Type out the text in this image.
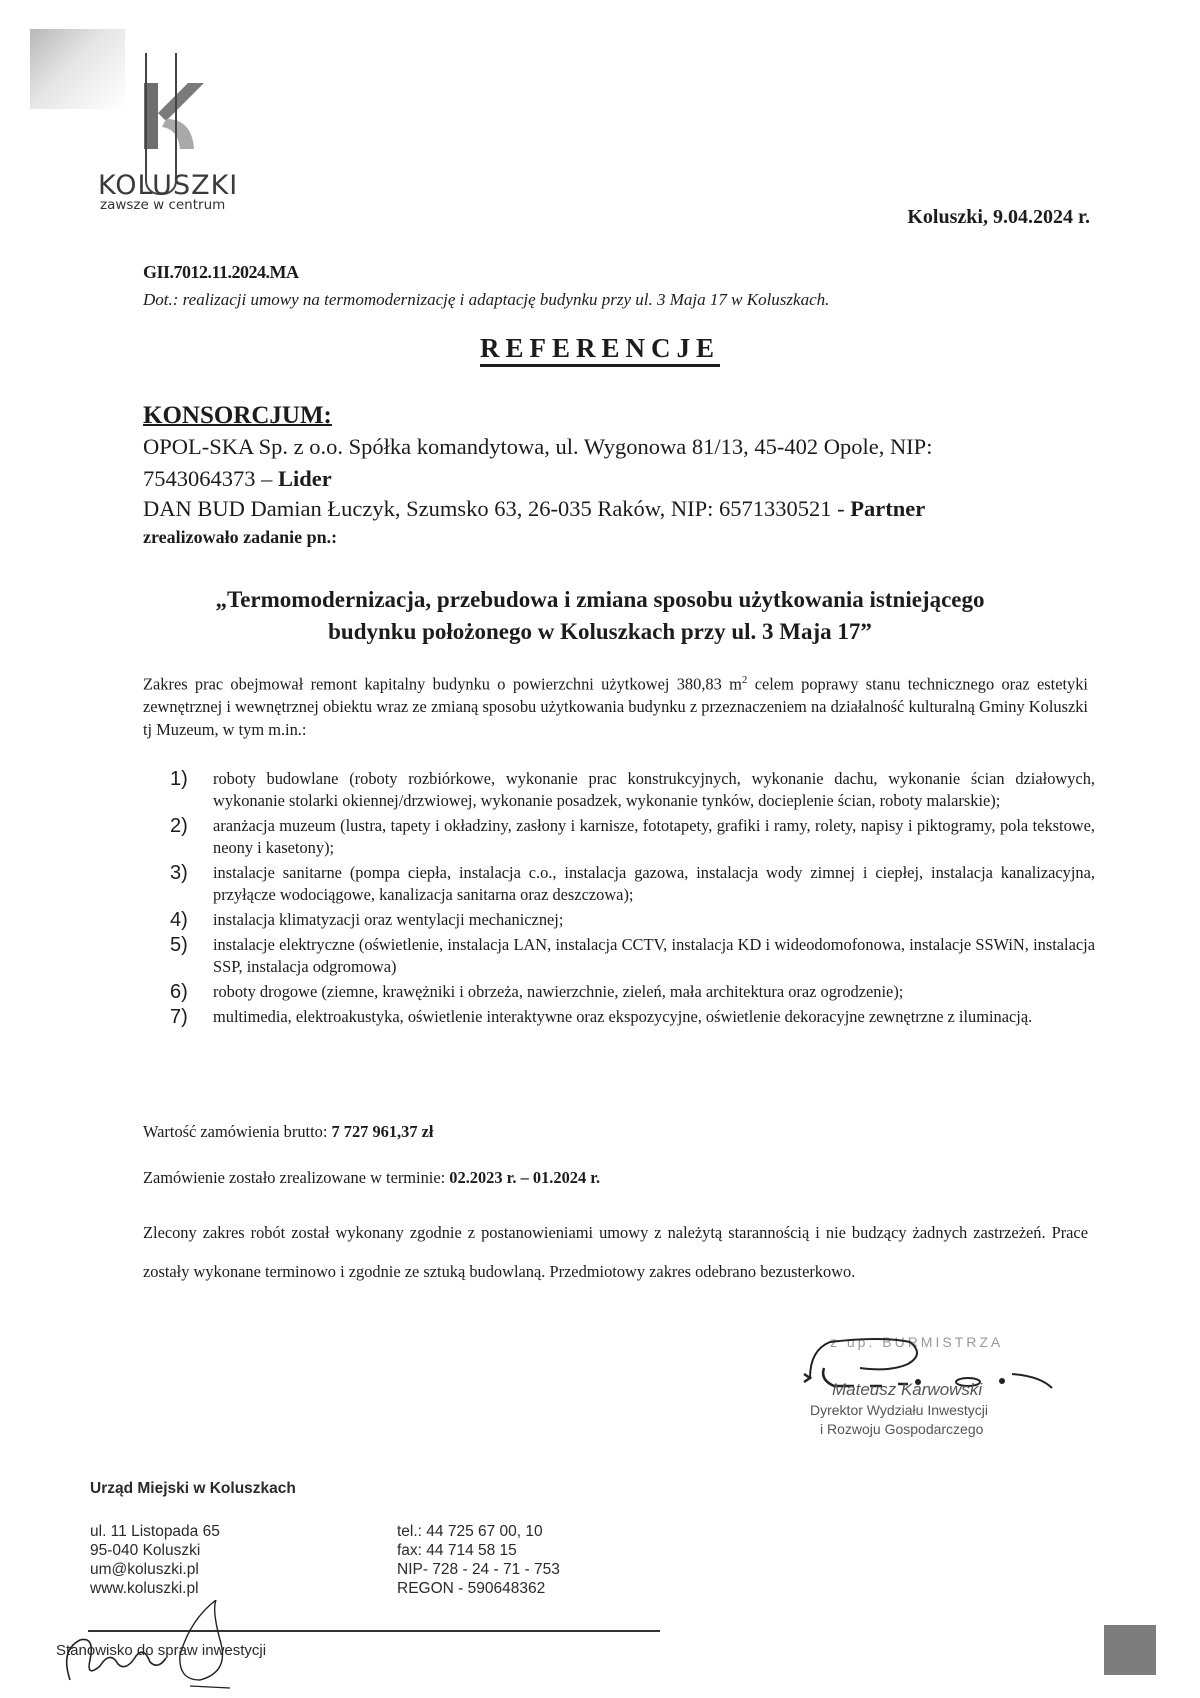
KOLUSZKI
zawsze w centrum
Koluszki, 9.04.2024 r.
GII.7012.11.2024.MA
Dot.: realizacji umowy na termomodernizację i adaptację budynku przy ul. 3 Maja 17 w Koluszkach.
REFERENCJE
KONSORCJUM:
OPOL-SKA Sp. z o.o. Spółka komandytowa, ul. Wygonowa 81/13, 45-402 Opole, NIP:
7543064373 – Lider
DAN BUD Damian Łuczyk, Szumsko 63, 26-035 Raków, NIP: 6571330521 - Partner
zrealizowało zadanie pn.:
„Termomodernizacja, przebudowa i zmiana sposobu użytkowania istniejącego
budynku położonego w Koluszkach przy ul. 3 Maja 17”
Zakres prac obejmował remont kapitalny budynku o powierzchni użytkowej 380,83 $m^2$ celem poprawy stanu technicznego oraz estetyki zewnętrznej i wewnętrznej obiektu wraz ze zmianą sposobu użytkowania budynku z przeznaczeniem na działalność kulturalną Gminy Koluszki tj Muzeum, w tym m.in.:
1)	roboty budowlane (roboty rozbiórkowe, wykonanie prac konstrukcyjnych, wykonanie dachu, wykonanie ścian działowych, wykonanie stolarki okiennej/drzwiowej, wykonanie posadzek, wykonanie tynków, docieplenie ścian, roboty malarskie);
2)	aranżacja muzeum (lustra, tapety i okładziny, zasłony i karnisze, fototapety, grafiki i ramy, rolety, napisy i piktogramy, pola tekstowe, neony i kasetony);
3)	instalacje sanitarne (pompa ciepła, instalacja c.o., instalacja gazowa, instalacja wody zimnej i ciepłej, instalacja kanalizacyjna, przyłącze wodociągowe, kanalizacja sanitarna oraz deszczowa);
4)	instalacja klimatyzacji oraz wentylacji mechanicznej;
5)	instalacje elektryczne (oświetlenie, instalacja LAN, instalacja CCTV, instalacja KD i wideodomofonowa, instalacje SSWiN, instalacja SSP, instalacja odgromowa)
6)	roboty drogowe (ziemne, krawężniki i obrzeża, nawierzchnie, zieleń, mała architektura oraz ogrodzenie);
7)	multimedia, elektroakustyka, oświetlenie interaktywne oraz ekspozycyjne, oświetlenie dekoracyjne zewnętrzne z iluminacją.
Wartość zamówienia brutto: 7 727 961,37 zł
Zamówienie zostało zrealizowane w terminie: 02.2023 r. – 01.2024 r.
Zlecony zakres robót został wykonany zgodnie z postanowieniami umowy z należytą starannością i nie budzący żadnych zastrzeżeń. Prace zostały wykonane terminowo i zgodnie ze sztuką budowlaną. Przedmiotowy zakres odebrano bezusterkowo.
z up. BURMISTRZA
Mateusz Karwowski
Dyrektor Wydziału Inwestycji
i Rozwoju Gospodarczego
Urząd Miejski w Koluszkach
ul. 11 Listopada 65
95-040 Koluszki
um@koluszki.pl
www.koluszki.pl
tel.: 44 725 67 00, 10
fax: 44 714 58 15
NIP- 728 - 24 - 71 - 753
REGON - 590648362
Stanowisko do spraw inwestycji
